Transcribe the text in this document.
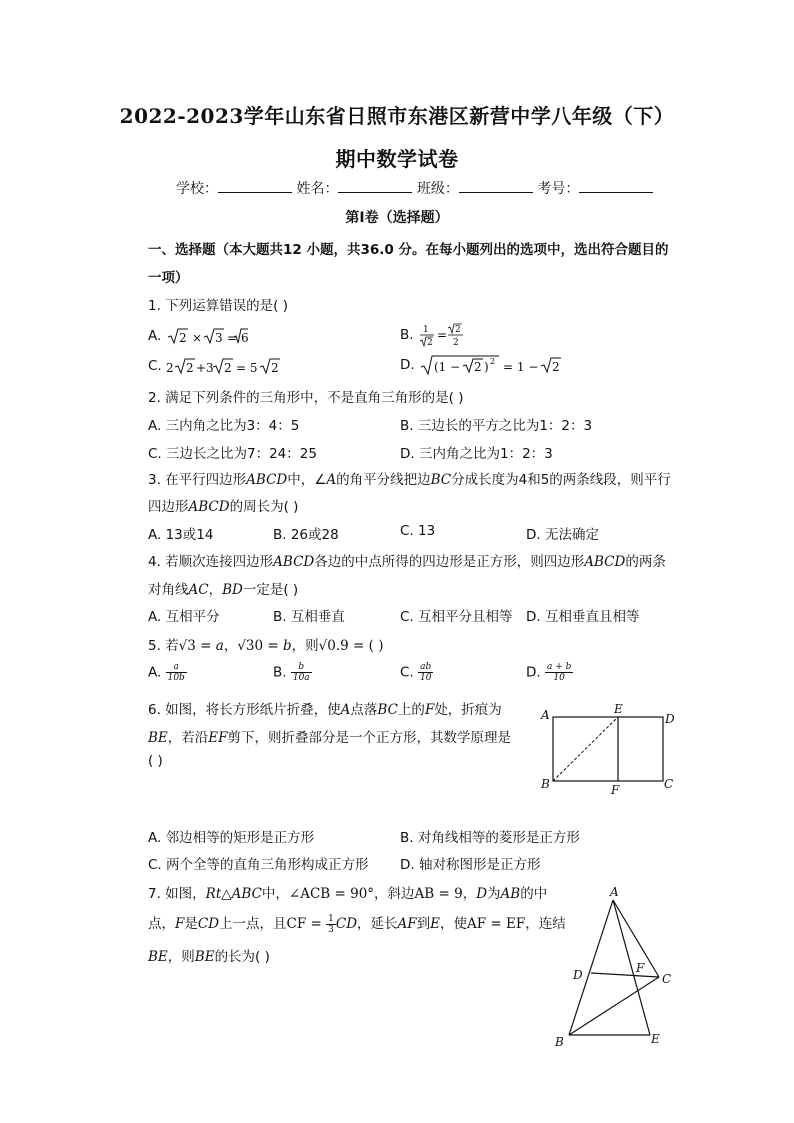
2022-2023学年山东省日照市东港区新营中学八年级（下）
期中数学试卷
学校：	姓名：	班级：	考号：
第Ⅰ卷（选择题）
一、选择题（本大题共12 小题，共36.0 分。在每小题列出的选项中，选出符合题目的
一项）
1. 下列运算错误的是( )
A. 2 × 3 = 6	B. 1
2
= 2
2
C. 2 2 +3 2 = 5 2	D. (1 − 2 ) 2 = 1 − 2
2. 满足下列条件的三角形中，不是直角三角形的是( )
A. 三内角之比为3：4：5	B. 三边长的平方之比为1：2：3
C. 三边长之比为7：24：25	D. 三内角之比为1：2：3
3. 在平行四边形ABCD中，∠A的角平分线把边BC分成长度为4和5的两条线段，则平行
四边形ABCD的周长为( )
A. 13或14	B. 26或28	C. 13	D. 无法确定
4. 若顺次连接四边形ABCD各边的中点所得的四边形是正方形，则四边形ABCD的两条
对角线AC，BD一定是( )
A. 互相平分	B. 互相垂直	C. 互相平分且相等 D. 互相垂直且相等
5. 若√3 = a，√30 = b，则√0.9 = ( )
A. $\frac{a}{10b}$	B. $\frac{b}{10a}$	C. $\frac{ab}{10}$	D. $\frac{a + b}{10}$
6. 如图，将长方形纸片折叠，使A点落BC上的F处，折痕为
BE，若沿EF剪下，则折叠部分是一个正方形，其数学原理是
( )
A	E
D
B	F	C
A. 邻边相等的矩形是正方形	B. 对角线相等的菱形是正方形
C. 两个全等的直角三角形构成正方形 D. 轴对称图形是正方形
7. 如图，Rt△ABC中，∠ACB = 90°，斜边AB = 9，D为AB的中
点，F是CD上一点，且CF = $\frac{1}{3}$ CD，延长AF到E，使AF = EF，连结
BE，则BE的长为( )
A
D	F
C
B	E
